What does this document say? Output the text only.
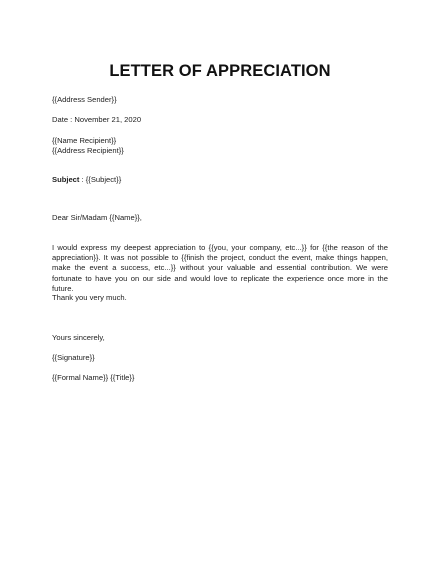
LETTER OF APPRECIATION
{{Address Sender}}
Date : November 21, 2020
{{Name Recipient}}
{{Address Recipient}}
Subject : {{Subject}}
Dear Sir/Madam {{Name}},
I would express my deepest appreciation to {{you, your company, etc...}} for {{the reason of the appreciation}}. It was not possible to {{finish the project, conduct the event, make things happen, make the event a success, etc...}} without your valuable and essential contribution. We were fortunate to have you on our side and would love to replicate the experience once more in the future.
Thank you very much.
Yours sincerely,
{{Signature}}
{{Formal Name}} {{Title}}
